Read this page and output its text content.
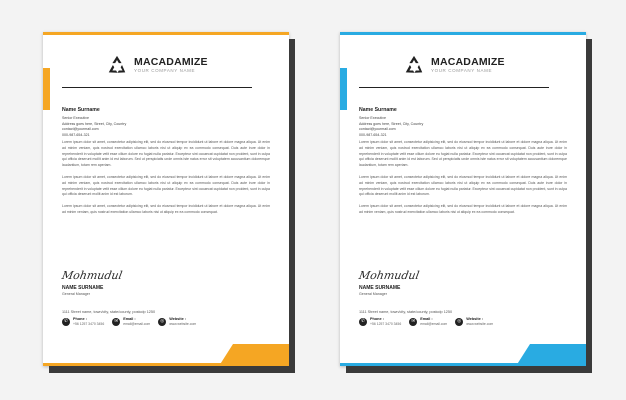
MACADAMIZE
YOUR COMPANY NAME
Name Surname
Senior Executive
Address goes here, Street, City, Country
contact@yourmail.com
000-987-654-321

Lorem ipsum dolor sit amet, consectetur adipisicing elit, sed do eiusmod tempor incididunt ut labore et dolore magna aliqua. Ut enim ad minim veniam, quis nostrud exercitation ullamco laboris nisi ut aliquip ex ea commodo consequat. Duis aute irure dolor in reprehenderit in voluptate velit esse cillum dolore eu fugiat nulla pariatur. Excepteur sint occaecat cupidatat non proident, sunt in culpa qui officia deserunt mollit anim id est laborum. Sed ut perspiciatis unde omnis iste natus error sit voluptatem accusantium doloremque laudantium, totam rem aperiam.

Lorem ipsum dolor sit amet, consectetur adipisicing elit, sed do eiusmod tempor incididunt ut labore et dolore magna aliqua. Ut enim ad minim veniam, quis nostrud exercitation ullamco laboris nisi ut aliquip ex ea commodo consequat. Duis aute irure dolor in reprehenderit in voluptate velit esse cillum dolore eu fugiat nulla pariatur. Excepteur sint occaecat cupidatat non proident, sunt in culpa qui officia deserunt mollit anim id est laborum.

Lorem ipsum dolor sit amet, consectetur adipisicing elit, sed do eiusmod tempor incididunt ut labore et dolore magna aliqua. Ut enim ad minim veniam, quis nostrud exercitation ullamco laboris nisi ut aliquip ex ea commodo consequat.

Mohmudul
NAME SURNAME
General Manager
1111 Street name, town/city, state/county, postcdp 1250
✆
Phone :
+56 1257 3470 3456	✉
Email :
email@email.com	◎
Website :
www.website.com
MACADAMIZE
YOUR COMPANY NAME
Name Surname
Senior Executive
Address goes here, Street, City, Country
contact@yourmail.com
000-987-654-321

Lorem ipsum dolor sit amet, consectetur adipisicing elit, sed do eiusmod tempor incididunt ut labore et dolore magna aliqua. Ut enim ad minim veniam, quis nostrud exercitation ullamco laboris nisi ut aliquip ex ea commodo consequat. Duis aute irure dolor in reprehenderit in voluptate velit esse cillum dolore eu fugiat nulla pariatur. Excepteur sint occaecat cupidatat non proident, sunt in culpa qui officia deserunt mollit anim id est laborum. Sed ut perspiciatis unde omnis iste natus error sit voluptatem accusantium doloremque laudantium, totam rem aperiam.

Lorem ipsum dolor sit amet, consectetur adipisicing elit, sed do eiusmod tempor incididunt ut labore et dolore magna aliqua. Ut enim ad minim veniam, quis nostrud exercitation ullamco laboris nisi ut aliquip ex ea commodo consequat. Duis aute irure dolor in reprehenderit in voluptate velit esse cillum dolore eu fugiat nulla pariatur. Excepteur sint occaecat cupidatat non proident, sunt in culpa qui officia deserunt mollit anim id est laborum.

Lorem ipsum dolor sit amet, consectetur adipisicing elit, sed do eiusmod tempor incididunt ut labore et dolore magna aliqua. Ut enim ad minim veniam, quis nostrud exercitation ullamco laboris nisi ut aliquip ex ea commodo consequat.

Mohmudul
NAME SURNAME
General Manager
1111 Street name, town/city, state/county, postcdp 1250
✆
Phone :
+56 1257 3470 3456	✉
Email :
email@email.com	◎
Website :
www.website.com
